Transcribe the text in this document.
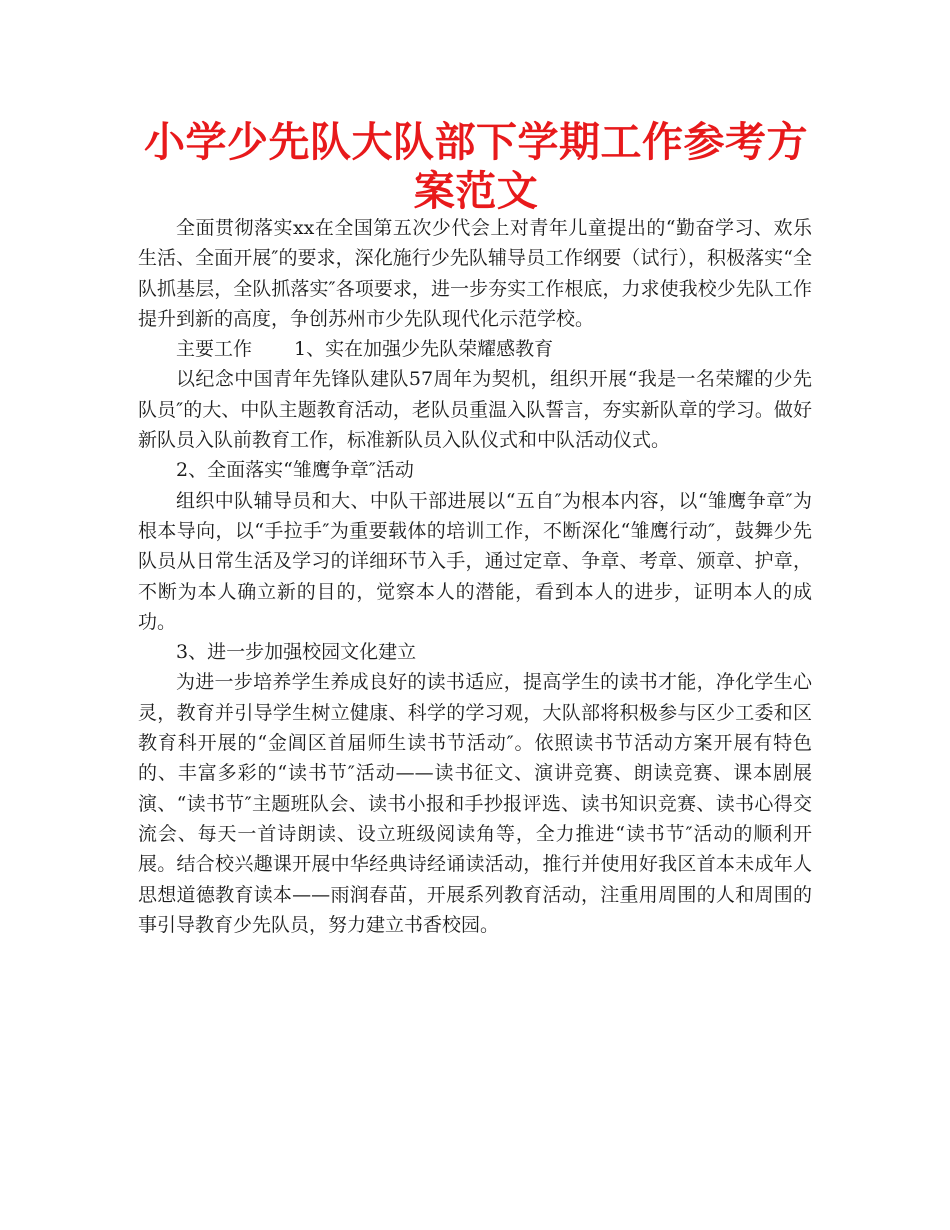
小学少先队大队部下学期工作参考方案范文

全面贯彻落实xx在全国第五次少代会上对青年儿童提出的“勤奋学习、欢乐生活、全面开展″的要求，深化施行少先队辅导员工作纲要（试行），积极落实“全队抓基层，全队抓落实″各项要求，进一步夯实工作根底，力求使我校少先队工作提升到新的高度，争创苏州市少先队现代化示范学校。

主要工作 1、实在加强少先队荣耀感教育

以纪念中国青年先锋队建队57周年为契机，组织开展“我是一名荣耀的少先队员″的大、中队主题教育活动，老队员重温入队誓言，夯实新队章的学习。做好新队员入队前教育工作，标准新队员入队仪式和中队活动仪式。

2、全面落实“雏鹰争章″活动

组织中队辅导员和大、中队干部进展以“五自″为根本内容，以“雏鹰争章″为根本导向，以“手拉手″为重要载体的培训工作，不断深化“雏鹰行动″，鼓舞少先队员从日常生活及学习的详细环节入手，通过定章、争章、考章、颁章、护章，不断为本人确立新的目的，觉察本人的潜能，看到本人的进步，证明本人的成功。

3、进一步加强校园文化建立

为进一步培养学生养成良好的读书适应，提高学生的读书才能，净化学生心灵，教育并引导学生树立健康、科学的学习观，大队部将积极参与区少工委和区教育科开展的“金阊区首届师生读书节活动″。依照读书节活动方案开展有特色的、丰富多彩的“读书节″活动——读书征文、演讲竞赛、朗读竞赛、课本剧展演、“读书节″主题班队会、读书小报和手抄报评选、读书知识竞赛、读书心得交流会、每天一首诗朗读、设立班级阅读角等，全力推进“读书节″活动的顺利开展。结合校兴趣课开展中华经典诗经诵读活动，推行并使用好我区首本未成年人思想道德教育读本——雨润春苗，开展系列教育活动，注重用周围的人和周围的事引导教育少先队员，努力建立书香校园。
